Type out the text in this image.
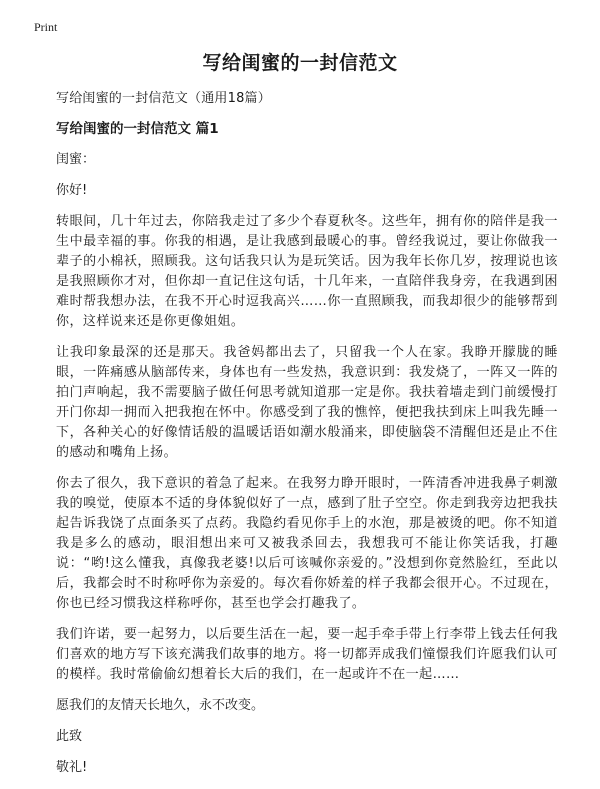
Print
写给闺蜜的一封信范文

写给闺蜜的一封信范文（通用18篇）

写给闺蜜的一封信范文 篇1

闺蜜：

你好!

转眼间，几十年过去，你陪我走过了多少个春夏秋冬。这些年，拥有你的陪伴是我一生中最幸福的事。你我的相遇，是让我感到最暖心的事。曾经我说过，要让你做我一辈子的小棉袄，照顾我。这句话我只认为是玩笑话。因为我年长你几岁，按理说也该是我照顾你才对，但你却一直记住这句话，十几年来，一直陪伴我身旁，在我遇到困难时帮我想办法，在我不开心时逗我高兴……你一直照顾我，而我却很少的能够帮到你，这样说来还是你更像姐姐。

让我印象最深的还是那天。我爸妈都出去了，只留我一个人在家。我睁开朦胧的睡眼，一阵痛感从脑部传来，身体也有一些发热，我意识到：我发烧了，一阵又一阵的拍门声响起，我不需要脑子做任何思考就知道那一定是你。我扶着墙走到门前缓慢打开门你却一拥而入把我抱在怀中。你感受到了我的憔悴，便把我扶到床上叫我先睡一下，各种关心的好像情话般的温暖话语如潮水般涌来，即使脑袋不清醒但还是止不住的感动和嘴角上扬。

你去了很久，我下意识的着急了起来。在我努力睁开眼时，一阵清香冲进我鼻子刺激我的嗅觉，使原本不适的身体貌似好了一点，感到了肚子空空。你走到我旁边把我扶起告诉我饶了点面条买了点药。我隐约看见你手上的水泡，那是被烫的吧。你不知道我是多么的感动，眼泪想出来可又被我杀回去，我想我可不能让你笑话我，打趣说：“哟!这么懂我，真像我老婆!以后可该喊你亲爱的。”没想到你竟然脸红，至此以后，我都会时不时称呼你为亲爱的。每次看你娇羞的样子我都会很开心。不过现在，你也已经习惯我这样称呼你，甚至也学会打趣我了。

我们许诺，要一起努力，以后要生活在一起，要一起手牵手带上行李带上钱去任何我们喜欢的地方写下该充满我们故事的地方。将一切都弄成我们憧憬我们许愿我们认可的模样。我时常偷偷幻想着长大后的我们，在一起或许不在一起……

愿我们的友情天长地久，永不改变。

此致

敬礼!
